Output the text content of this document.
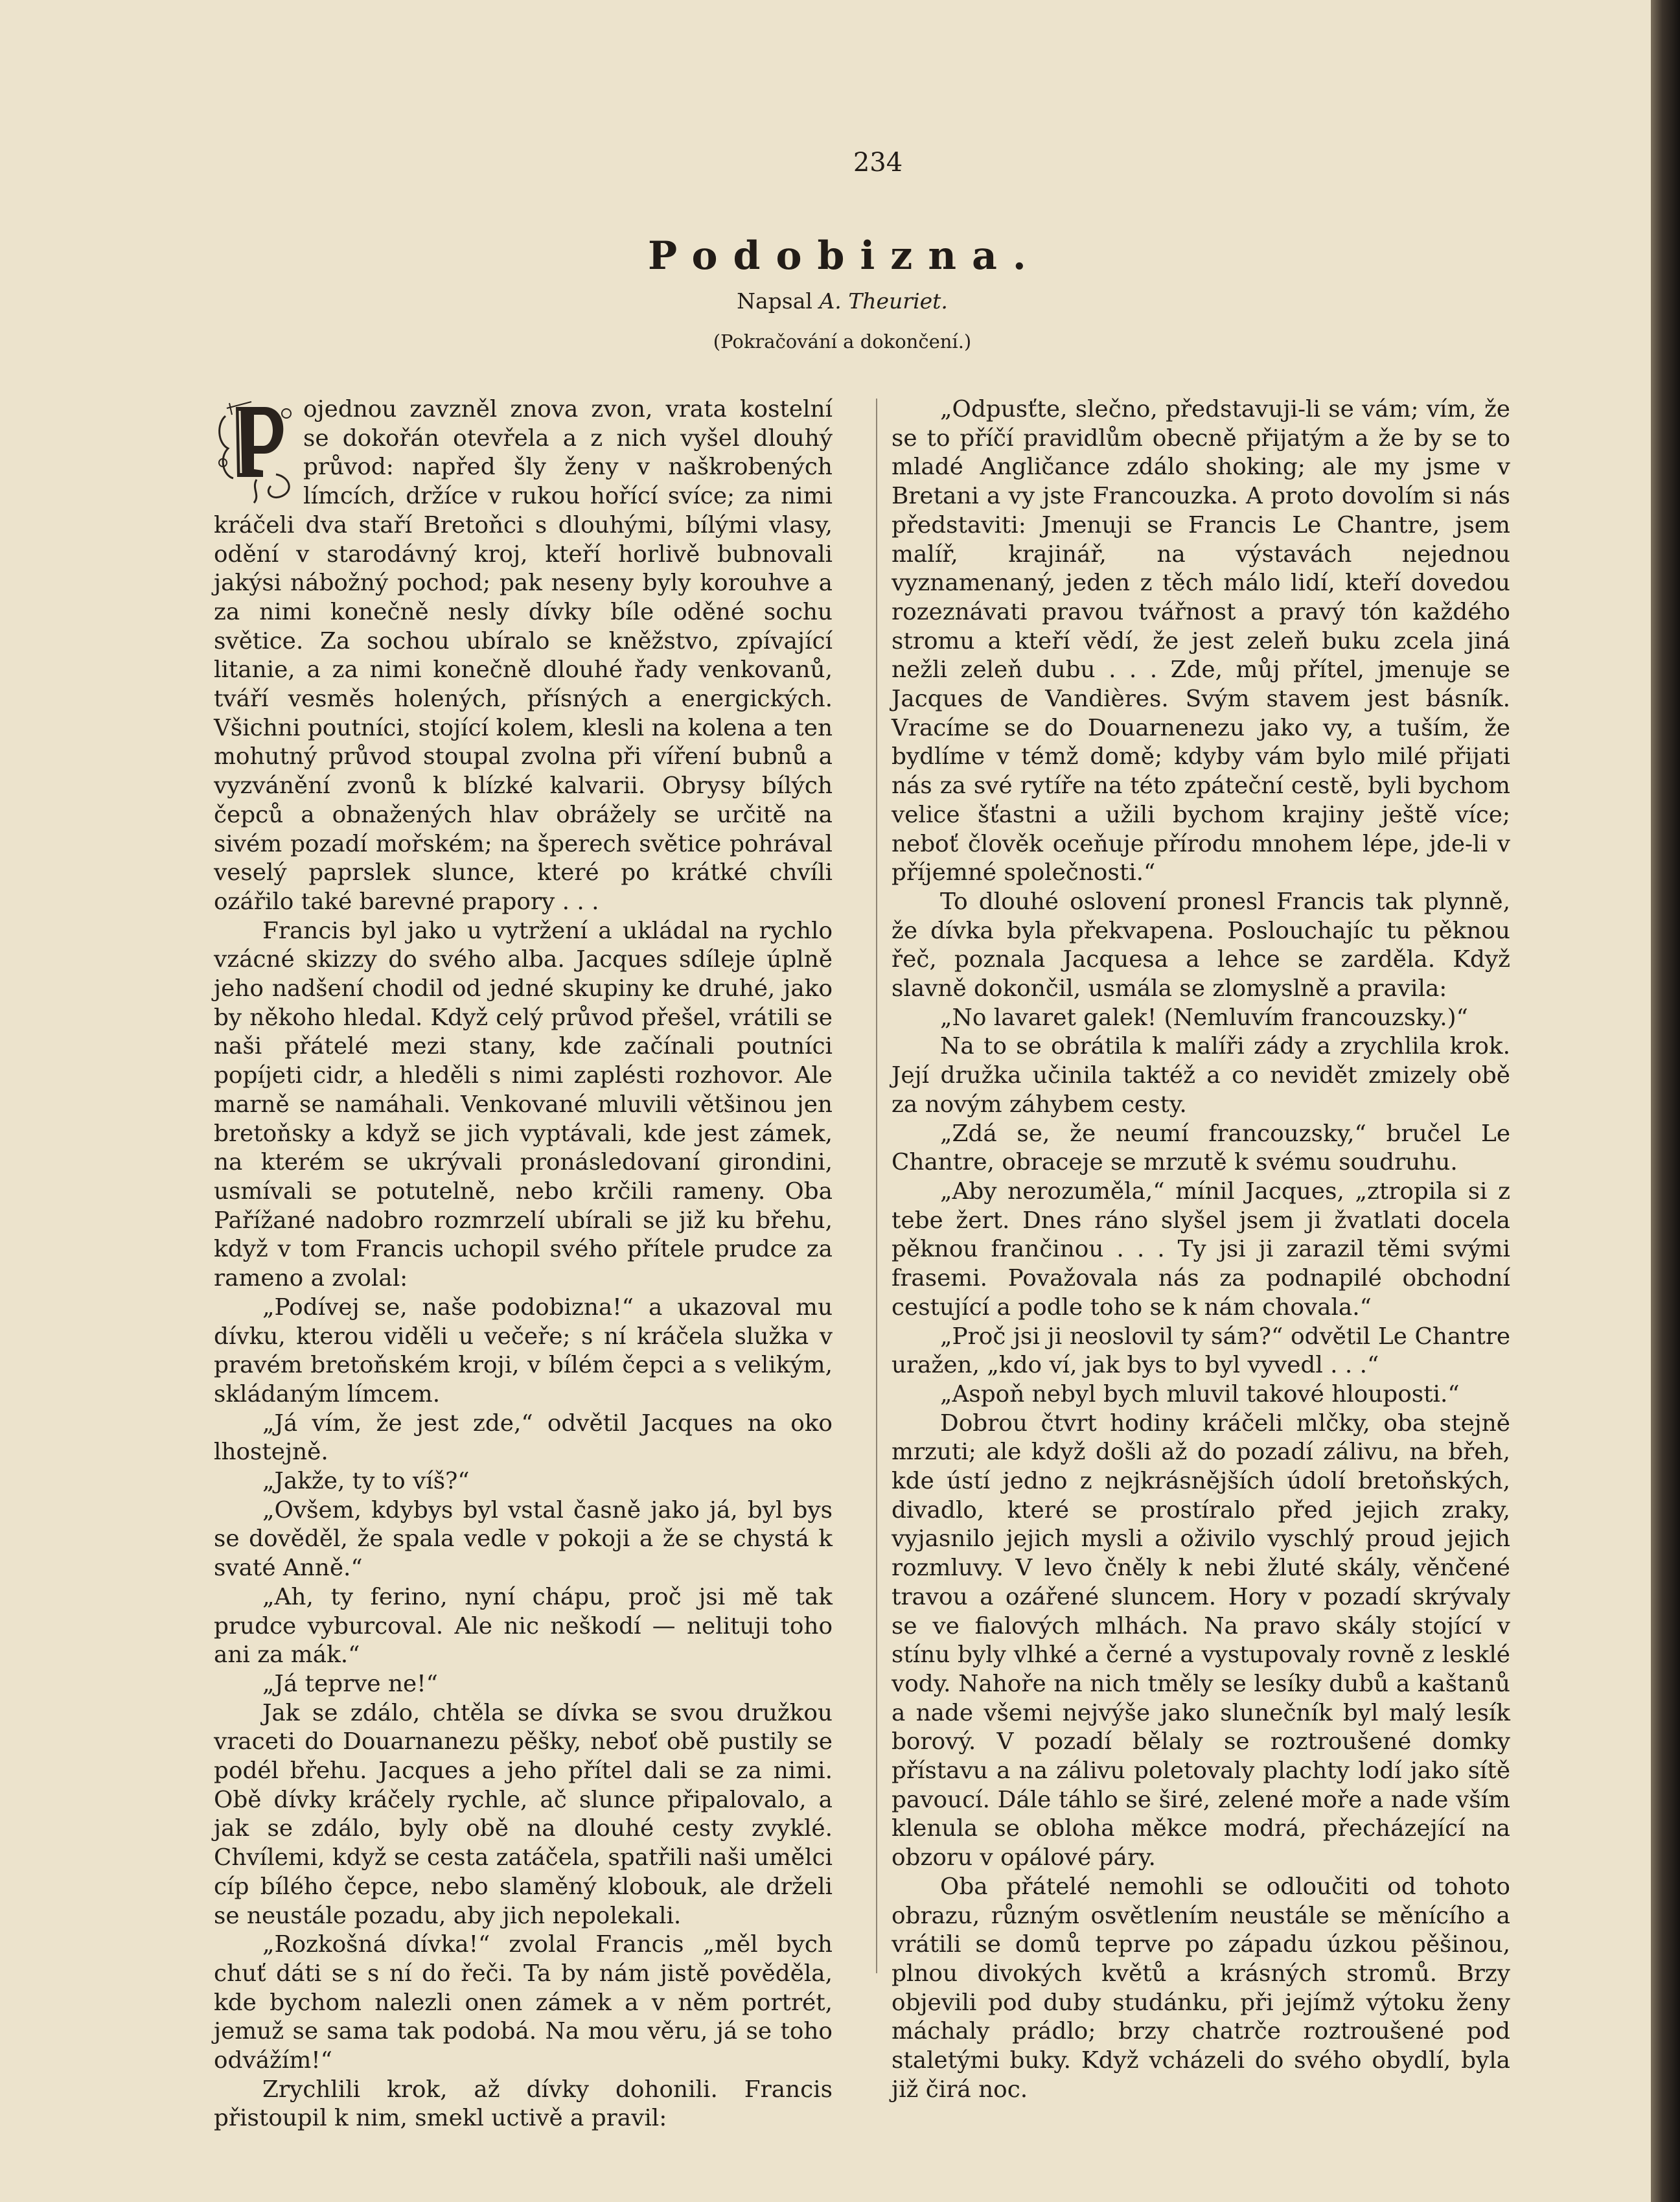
234
Podobizna.
Napsal A. Theuriet.
(Pokračování a dokončení.)

P
ojednou zavzněl znova zvon, vrata kostelní se dokořán otevřela a z nich vyšel dlouhý průvod: napřed šly ženy v naškrobených límcích, držíce v rukou hořící svíce; za nimi kráčeli dva staří Bretoňci s dlouhými, bílými vlasy, odění v starodávný kroj, kteří horlivě bubnovali jakýsi nábožný pochod; pak neseny byly korouhve a za nimi konečně nesly dívky bíle oděné sochu světice. Za sochou ubíralo se kněžstvo, zpívající litanie, a za nimi konečně dlouhé řady venkovanů, tváří vesměs holených, přísných a energických. Všichni poutníci, stojící kolem, klesli na kolena a ten mohutný průvod stoupal zvolna při víření bubnů a vyzvánění zvonů k blízké kalvarii. Obrysy bílých čepců a obnažených hlav obrážely se určitě na sivém pozadí mořském; na šperech světice pohrával veselý paprslek slunce, které po krátké chvíli ozářilo také barevné prapory . . .

Francis byl jako u vytržení a ukládal na rychlo vzácné skizzy do svého alba. Jacques sdíleje úplně jeho nadšení chodil od jedné skupiny ke druhé, jako by někoho hledal. Když celý průvod přešel, vrátili se naši přátelé mezi stany, kde začínali poutníci popíjeti cidr, a hleděli s nimi zaplésti rozhovor. Ale marně se namáhali. Venkované mluvili většinou jen bretoňsky a když se jich vyptávali, kde jest zámek, na kterém se ukrývali pronásledovaní girondini, usmívali se potutelně, nebo krčili rameny. Oba Pařížané nadobro rozmrzelí ubírali se již ku břehu, když v tom Francis uchopil svého přítele prudce za rameno a zvolal:

„Podívej se, naše podobizna!“ a ukazoval mu dívku, kterou viděli u večeře; s ní kráčela služka v pravém bretoňském kroji, v bílém čepci a s velikým, skládaným límcem.

„Já vím, že jest zde,“ odvětil Jacques na oko lhostejně.

„Jakže, ty to víš?“

„Ovšem, kdybys byl vstal časně jako já, byl bys se dověděl, že spala vedle v pokoji a že se chystá k svaté Anně.“

„Ah, ty ferino, nyní chápu, proč jsi mě tak prudce vyburcoval. Ale nic neškodí — nelituji toho ani za mák.“

„Já teprve ne!“

Jak se zdálo, chtěla se dívka se svou družkou vraceti do Douarnanezu pěšky, neboť obě pustily se podél břehu. Jacques a jeho přítel dali se za nimi. Obě dívky kráčely rychle, ač slunce připalovalo, a jak se zdálo, byly obě na dlouhé cesty zvyklé. Chvílemi, když se cesta zatáčela, spatřili naši umělci cíp bílého čepce, nebo slaměný klobouk, ale drželi se neustále pozadu, aby jich nepolekali.

„Rozkošná dívka!“ zvolal Francis „měl bych chuť dáti se s ní do řeči. Ta by nám jistě pověděla, kde bychom nalezli onen zámek a v něm portrét, jemuž se sama tak podobá. Na mou věru, já se toho odvážím!“

Zrychlili krok, až dívky dohonili. Francis přistoupil k nim, smekl uctivě a pravil:

„Odpusťte, slečno, představuji-li se vám; vím, že se to příčí pravidlům obecně přijatým a že by se to mladé Angličance zdálo shoking; ale my jsme v Bretani a vy jste Francouzka. A proto dovolím si nás představiti: Jmenuji se Francis Le Chantre, jsem malíř, krajinář, na výstavách nejednou vyznamenaný, jeden z těch málo lidí, kteří dovedou rozeznávati pravou tvářnost a pravý tón každého stromu a kteří vědí, že jest zeleň buku zcela jiná nežli zeleň dubu . . . Zde, můj přítel, jmenuje se Jacques de Vandières. Svým stavem jest básník. Vracíme se do Douarnenezu jako vy, a tuším, že bydlíme v témž domě; kdyby vám bylo milé přijati nás za své rytíře na této zpáteční cestě, byli bychom velice šťastni a užili bychom krajiny ještě více; neboť člověk oceňuje přírodu mnohem lépe, jde-li v příjemné společnosti.“

To dlouhé oslovení pronesl Francis tak plynně, že dívka byla překvapena. Poslouchajíc tu pěknou řeč, poznala Jacquesa a lehce se zarděla. Když slavně dokončil, usmála se zlomyslně a pravila:

„No lavaret galek! (Nemluvím francouzsky.)“

Na to se obrátila k malíři zády a zrychlila krok. Její družka učinila taktéž a co nevidět zmizely obě za novým záhybem cesty.

„Zdá se, že neumí francouzsky,“ bručel Le Chantre, obraceje se mrzutě k svému soudruhu.

„Aby nerozuměla,“ mínil Jacques, „ztropila si z tebe žert. Dnes ráno slyšel jsem ji žvatlati docela pěknou frančinou . . . Ty jsi ji zarazil těmi svými frasemi. Považovala nás za podnapilé obchodní cestující a podle toho se k nám chovala.“

„Proč jsi ji neoslovil ty sám?“ odvětil Le Chantre uražen, „kdo ví, jak bys to byl vyvedl . . .“

„Aspoň nebyl bych mluvil takové hlouposti.“

Dobrou čtvrt hodiny kráčeli mlčky, oba stejně mrzuti; ale když došli až do pozadí zálivu, na břeh, kde ústí jedno z nejkrásnějších údolí bretoňských, divadlo, které se prostíralo před jejich zraky, vyjasnilo jejich mysli a oživilo vyschlý proud jejich rozmluvy. V levo čněly k nebi žluté skály, věnčené travou a ozářené sluncem. Hory v pozadí skrývaly se ve fialových mlhách. Na pravo skály stojící v stínu byly vlhké a černé a vystupovaly rovně z lesklé vody. Nahoře na nich tměly se lesíky dubů a kaštanů a nade všemi nejvýše jako slunečník byl malý lesík borový. V pozadí bělaly se roztroušené domky přístavu a na zálivu poletovaly plachty lodí jako sítě pavoucí. Dále táhlo se širé, zelené moře a nade vším klenula se obloha měkce modrá, přecházející na obzoru v opálové páry.

Oba přátelé nemohli se odloučiti od tohoto obrazu, různým osvětlením neustále se měnícího a vrátili se domů teprve po západu úzkou pěšinou, plnou divokých květů a krásných stromů. Brzy objevili pod duby studánku, při jejímž výtoku ženy máchaly prádlo; brzy chatrče roztroušené pod staletými buky. Když vcházeli do svého obydlí, byla již čirá noc.
